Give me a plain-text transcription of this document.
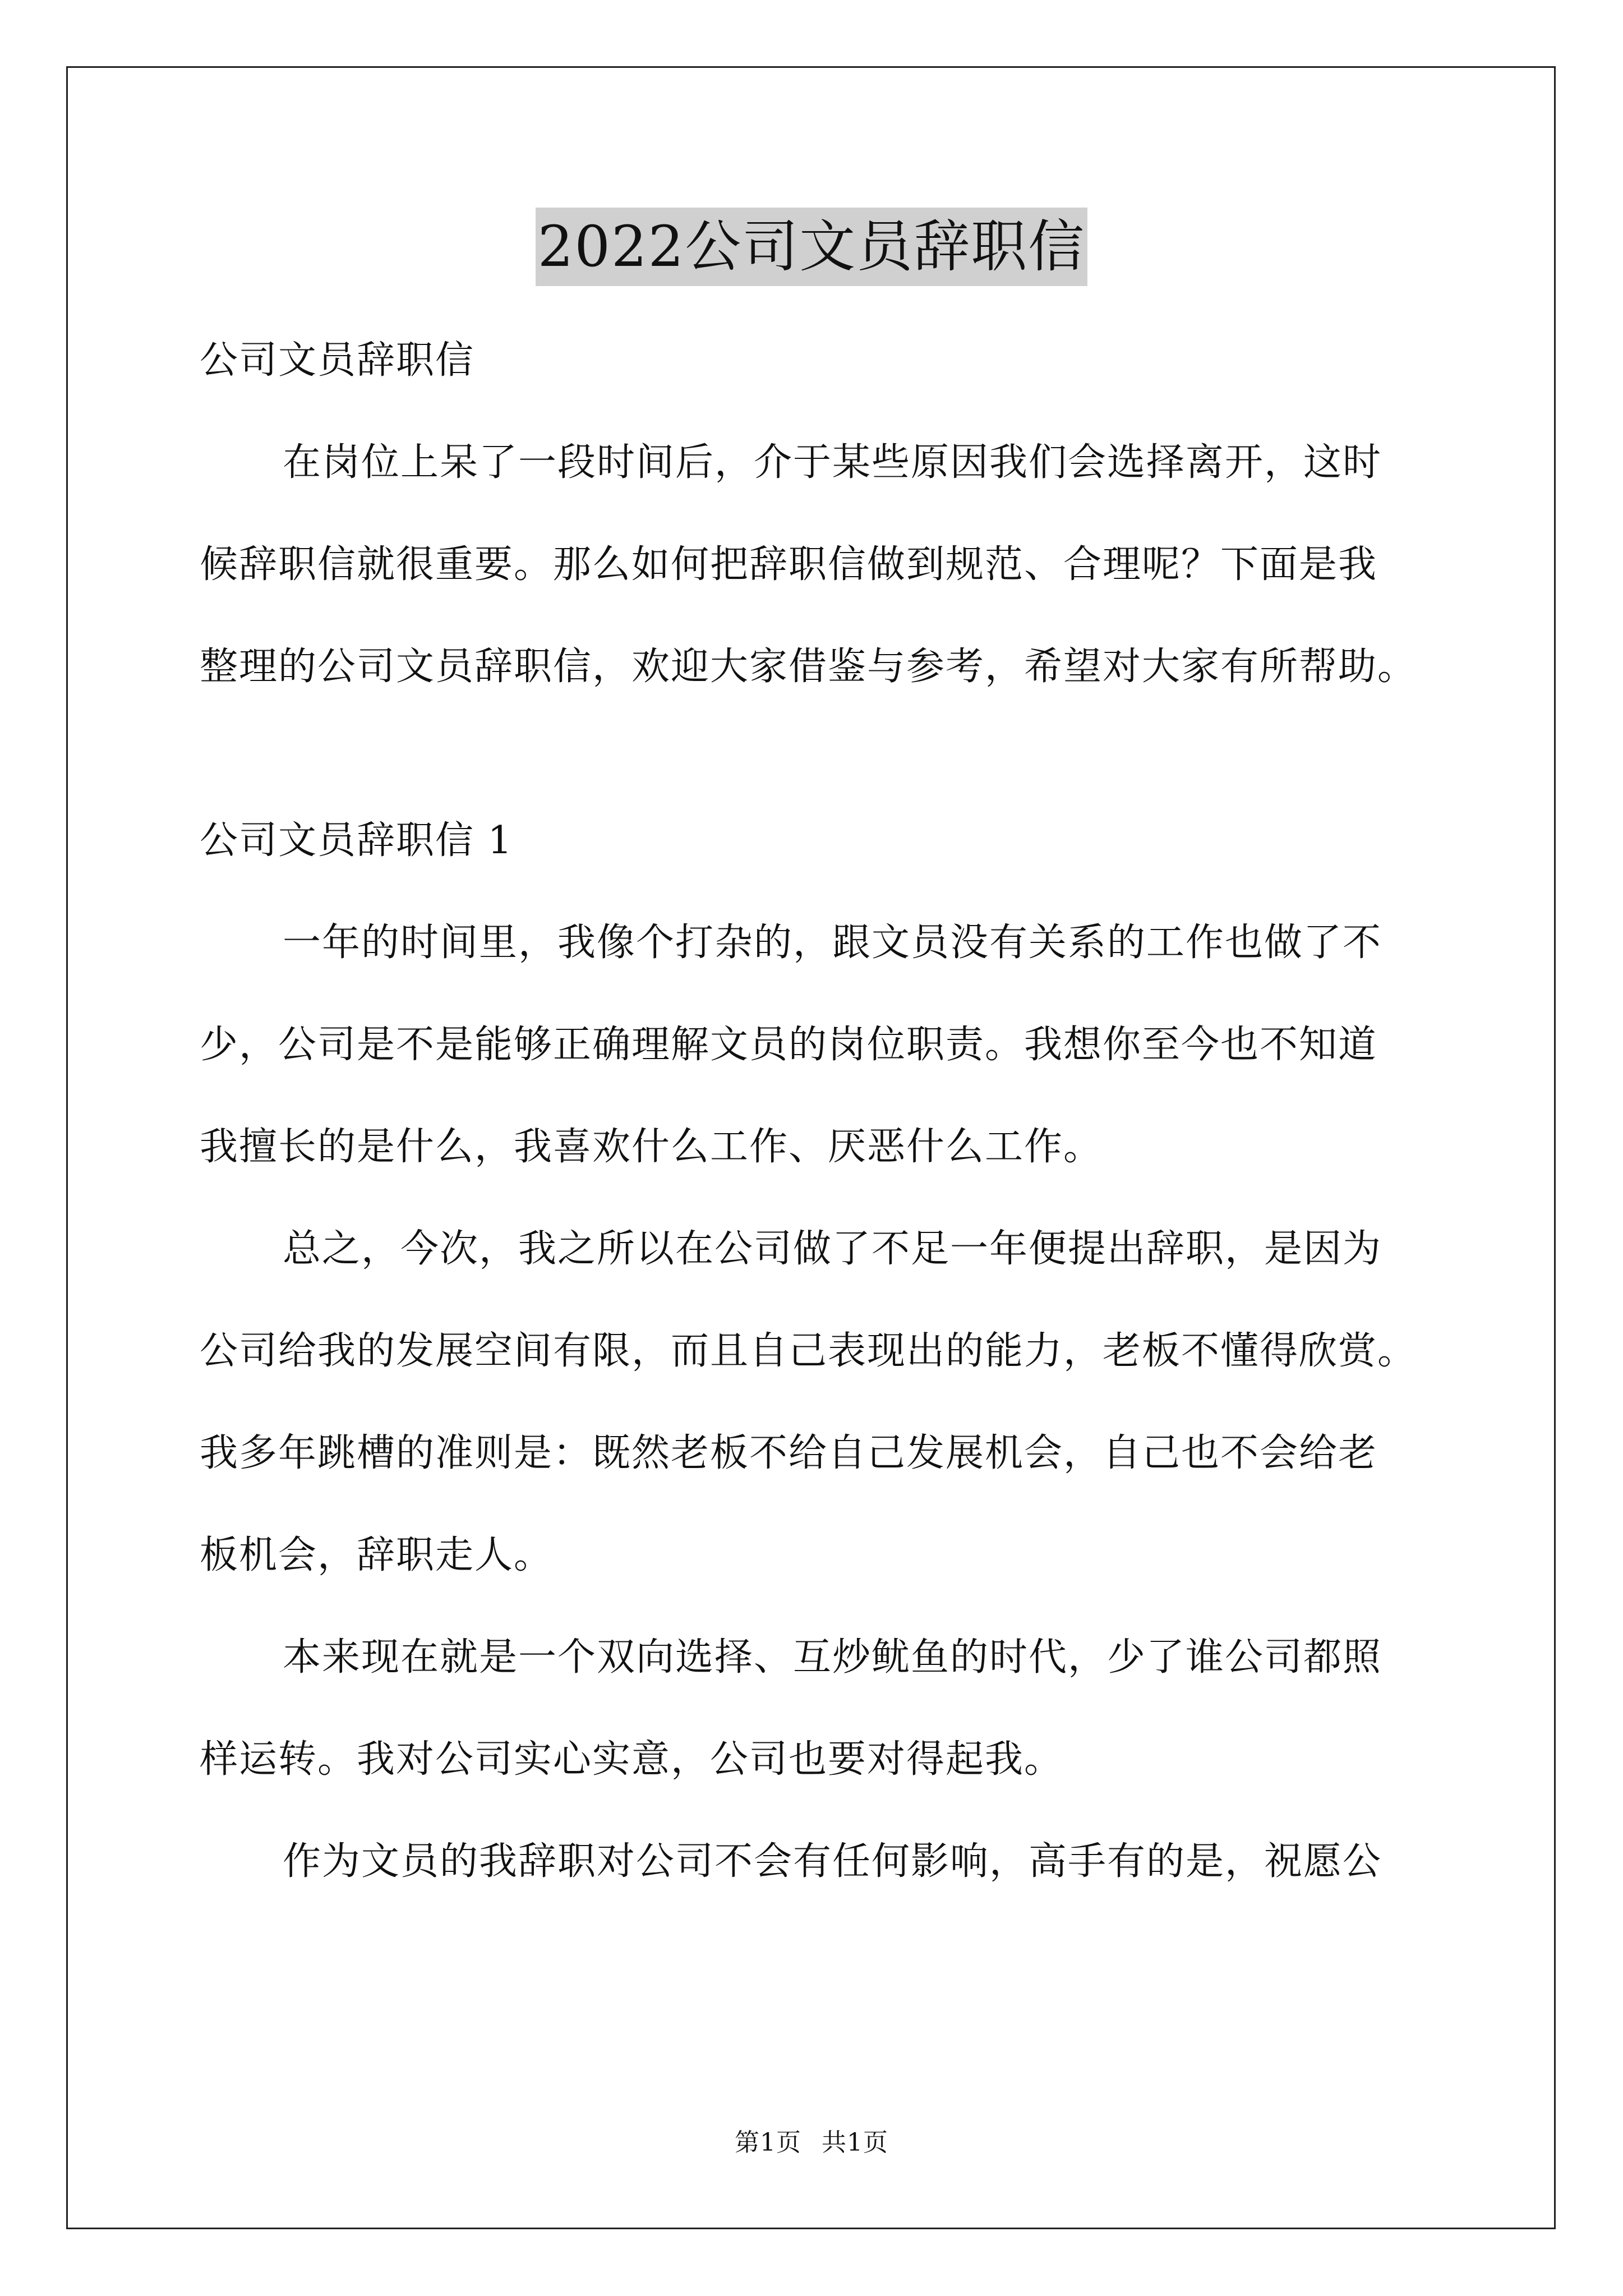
2022公司文员辞职信
公司文员辞职信
在岗位上呆了一段时间后，介于某些原因我们会选择离开，这时
候辞职信就很重要。那么如何把辞职信做到规范、合理呢？下面是我
整理的公司文员辞职信，欢迎大家借鉴与参考，希望对大家有所帮助。
公司文员辞职信 1
一年的时间里，我像个打杂的，跟文员没有关系的工作也做了不
少，公司是不是能够正确理解文员的岗位职责。我想你至今也不知道
我擅长的是什么，我喜欢什么工作、厌恶什么工作。
总之，今次，我之所以在公司做了不足一年便提出辞职，是因为
公司给我的发展空间有限，而且自己表现出的能力，老板不懂得欣赏。
我多年跳槽的准则是：既然老板不给自己发展机会，自己也不会给老
板机会，辞职走人。
本来现在就是一个双向选择、互炒鱿鱼的时代，少了谁公司都照
样运转。我对公司实心实意，公司也要对得起我。
作为文员的我辞职对公司不会有任何影响，高手有的是，祝愿公
第1页 共1页
